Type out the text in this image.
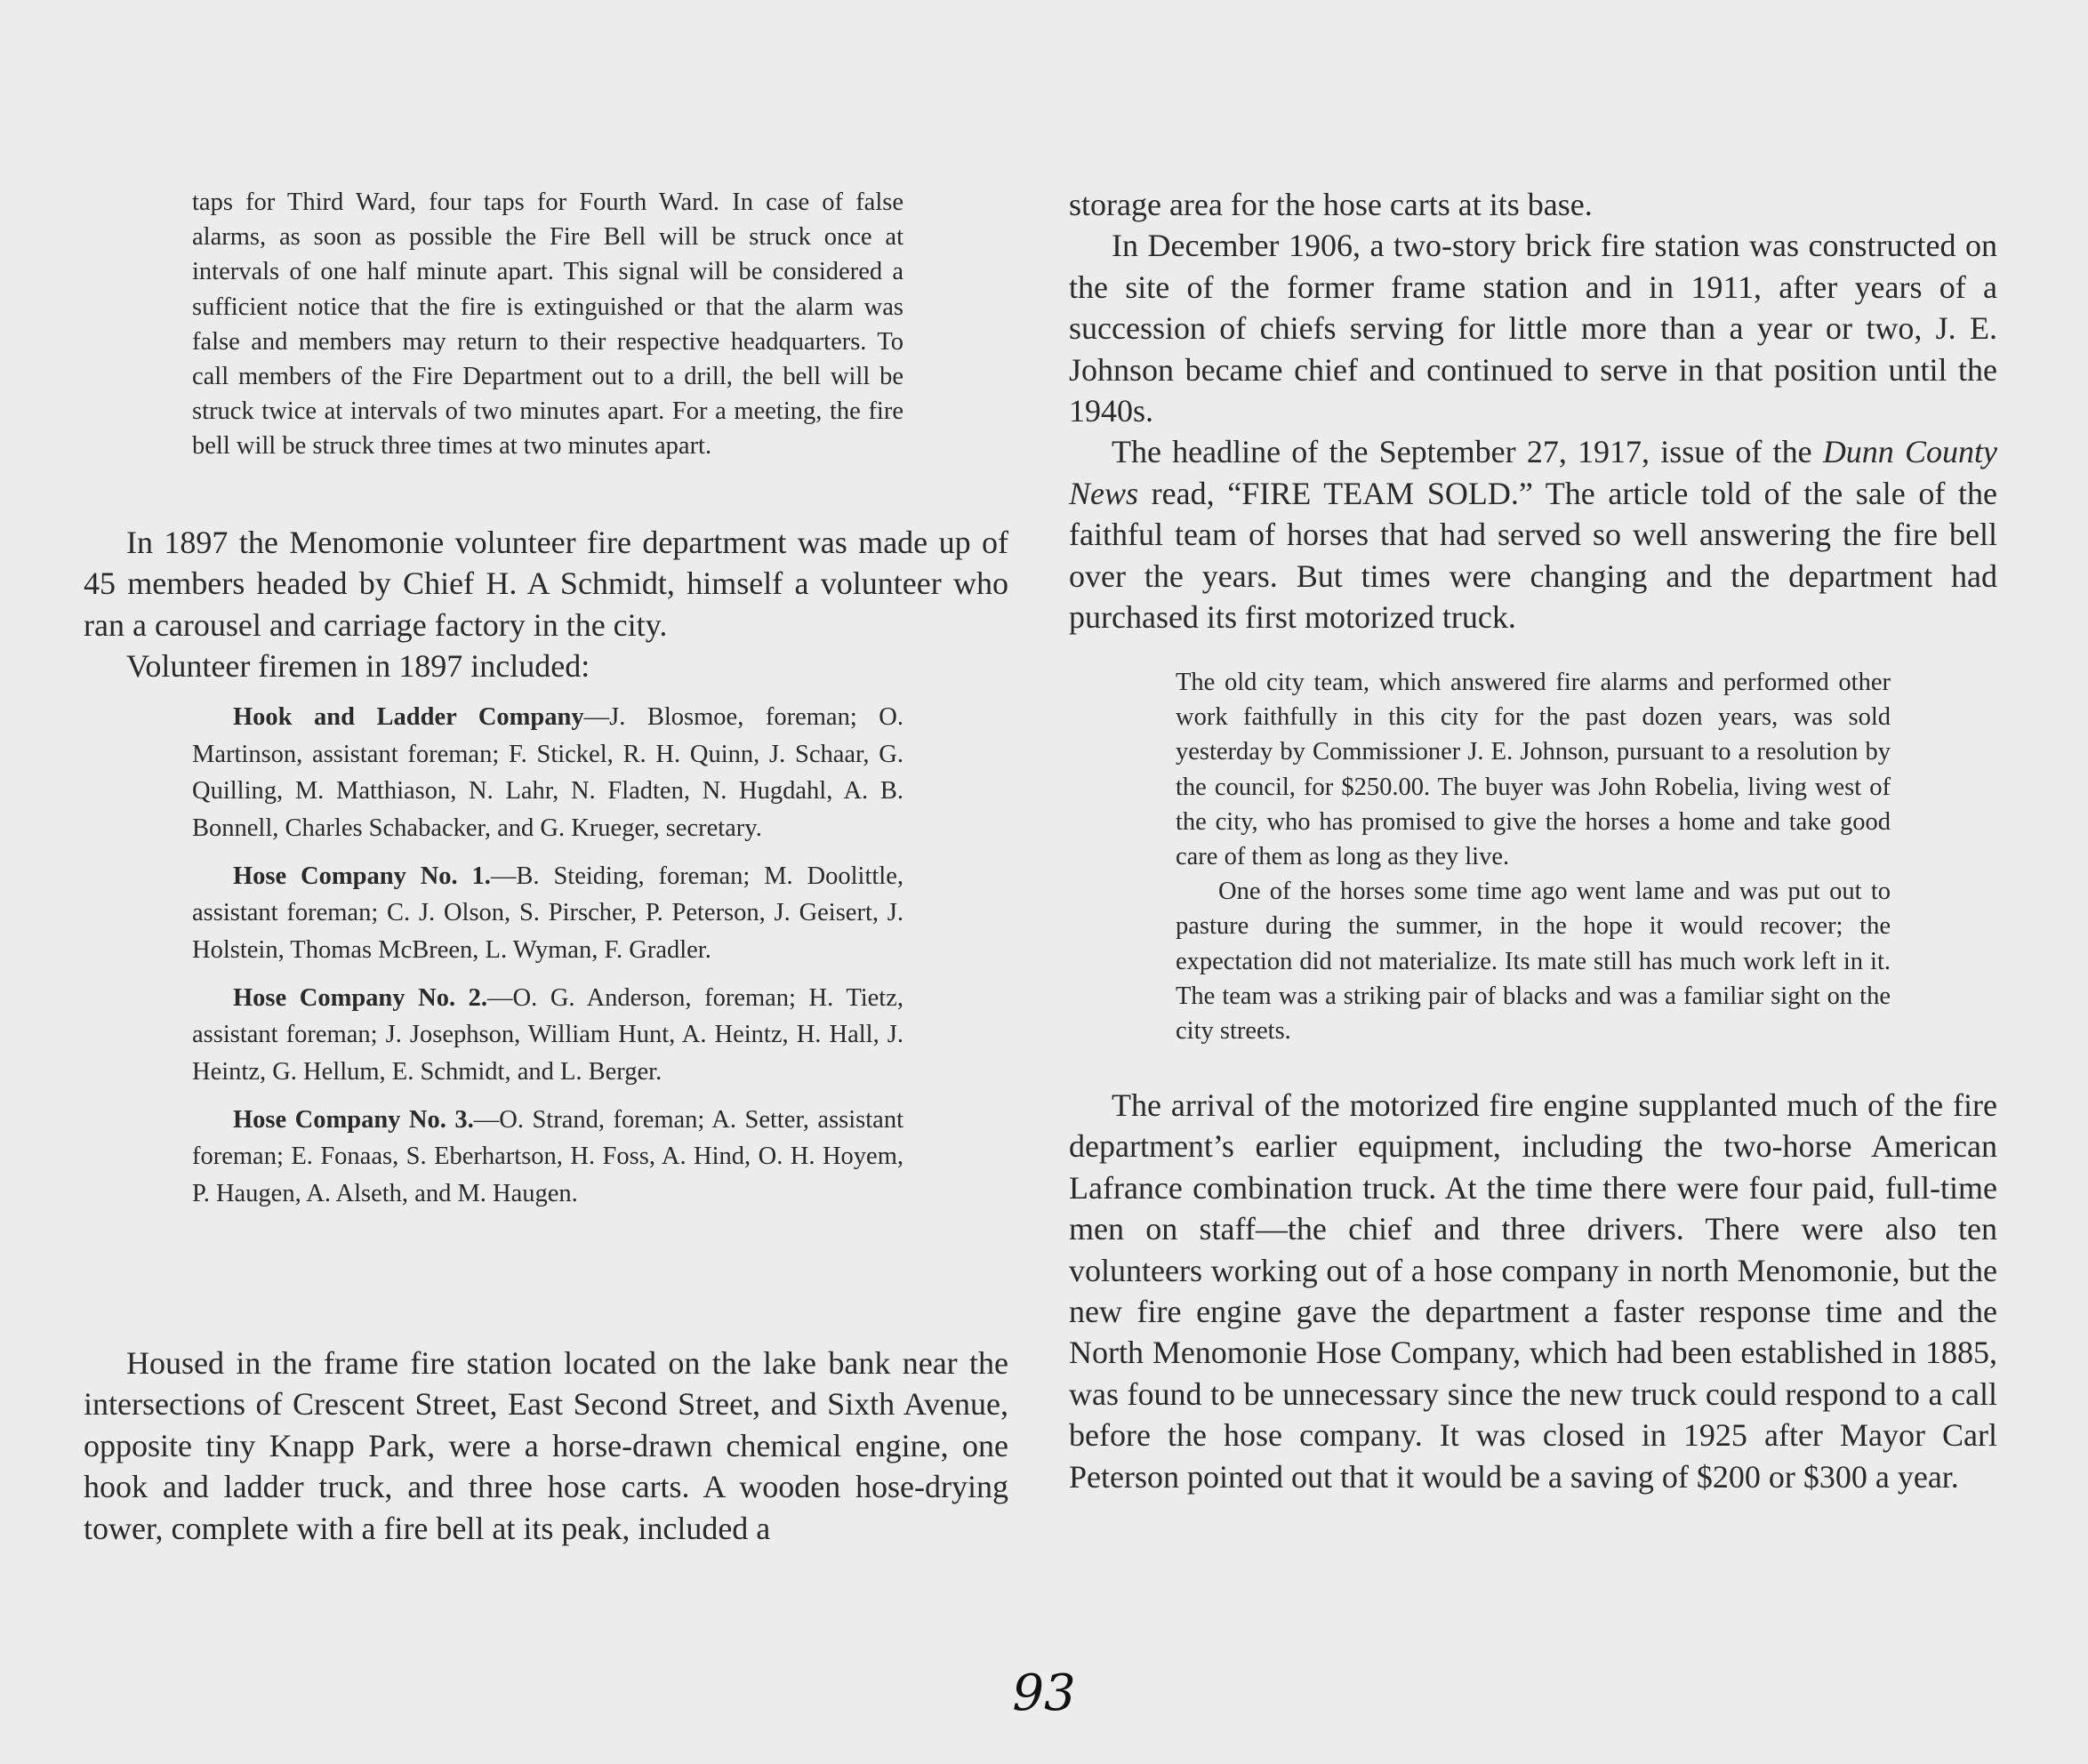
taps for Third Ward, four taps for Fourth Ward. In case of false alarms, as soon as possible the Fire Bell will be struck once at intervals of one half minute apart. This signal will be considered a sufficient notice that the fire is extinguished or that the alarm was false and members may return to their respective headquarters. To call members of the Fire Department out to a drill, the bell will be struck twice at intervals of two minutes apart. For a meeting, the fire bell will be struck three times at two minutes apart.

In 1897 the Menomonie volunteer fire department was made up of 45 members headed by Chief H. A Schmidt, himself a volunteer who ran a carousel and carriage factory in the city.

Volunteer firemen in 1897 included:

Hook and Ladder Company—J. Blosmoe, foreman; O. Martinson, assistant foreman; F. Stickel, R. H. Quinn, J. Schaar, G. Quilling, M. Matthiason, N. Lahr, N. Fladten, N. Hugdahl, A. B. Bonnell, Charles Schabacker, and G. Krueger, secretary.

Hose Company No. 1.—B. Steiding, foreman; M. Doolittle, assistant foreman; C. J. Olson, S. Pirscher, P. Peterson, J. Geisert, J. Holstein, Thomas McBreen, L. Wyman, F. Gradler.

Hose Company No. 2.—O. G. Anderson, foreman; H. Tietz, assistant foreman; J. Josephson, William Hunt, A. Heintz, H. Hall, J. Heintz, G. Hellum, E. Schmidt, and L. Berger.

Hose Company No. 3.—O. Strand, foreman; A. Setter, assistant foreman; E. Fonaas, S. Eberhartson, H. Foss, A. Hind, O. H. Hoyem, P. Haugen, A. Alseth, and M. Haugen.

Housed in the frame fire station located on the lake bank near the intersections of Crescent Street, East Second Street, and Sixth Avenue, opposite tiny Knapp Park, were a horse-drawn chemical engine, one hook and ladder truck, and three hose carts. A wooden hose-drying tower, complete with a fire bell at its peak, included a

storage area for the hose carts at its base.

In December 1906, a two-story brick fire station was constructed on the site of the former frame station and in 1911, after years of a succession of chiefs serving for little more than a year or two, J. E. Johnson became chief and continued to serve in that position until the 1940s.

The headline of the September 27, 1917, issue of the Dunn County News read, “FIRE TEAM SOLD.” The article told of the sale of the faithful team of horses that had served so well answering the fire bell over the years. But times were changing and the department had purchased its first motorized truck.

The old city team, which answered fire alarms and performed other work faithfully in this city for the past dozen years, was sold yesterday by Commissioner J. E. Johnson, pursuant to a resolution by the council, for $250.00. The buyer was John Robelia, living west of the city, who has promised to give the horses a home and take good care of them as long as they live.

One of the horses some time ago went lame and was put out to pasture during the summer, in the hope it would recover; the expectation did not materialize. Its mate still has much work left in it. The team was a striking pair of blacks and was a familiar sight on the city streets.

The arrival of the motorized fire engine supplanted much of the fire department’s earlier equipment, including the two-horse American Lafrance combination truck. At the time there were four paid, full-time men on staff—the chief and three drivers. There were also ten volunteers working out of a hose company in north Menomonie, but the new fire engine gave the department a faster response time and the North Menomonie Hose Company, which had been established in 1885, was found to be unnecessary since the new truck could respond to a call before the hose company. It was closed in 1925 after Mayor Carl Peterson pointed out that it would be a saving of $200 or $300 a year.

93
